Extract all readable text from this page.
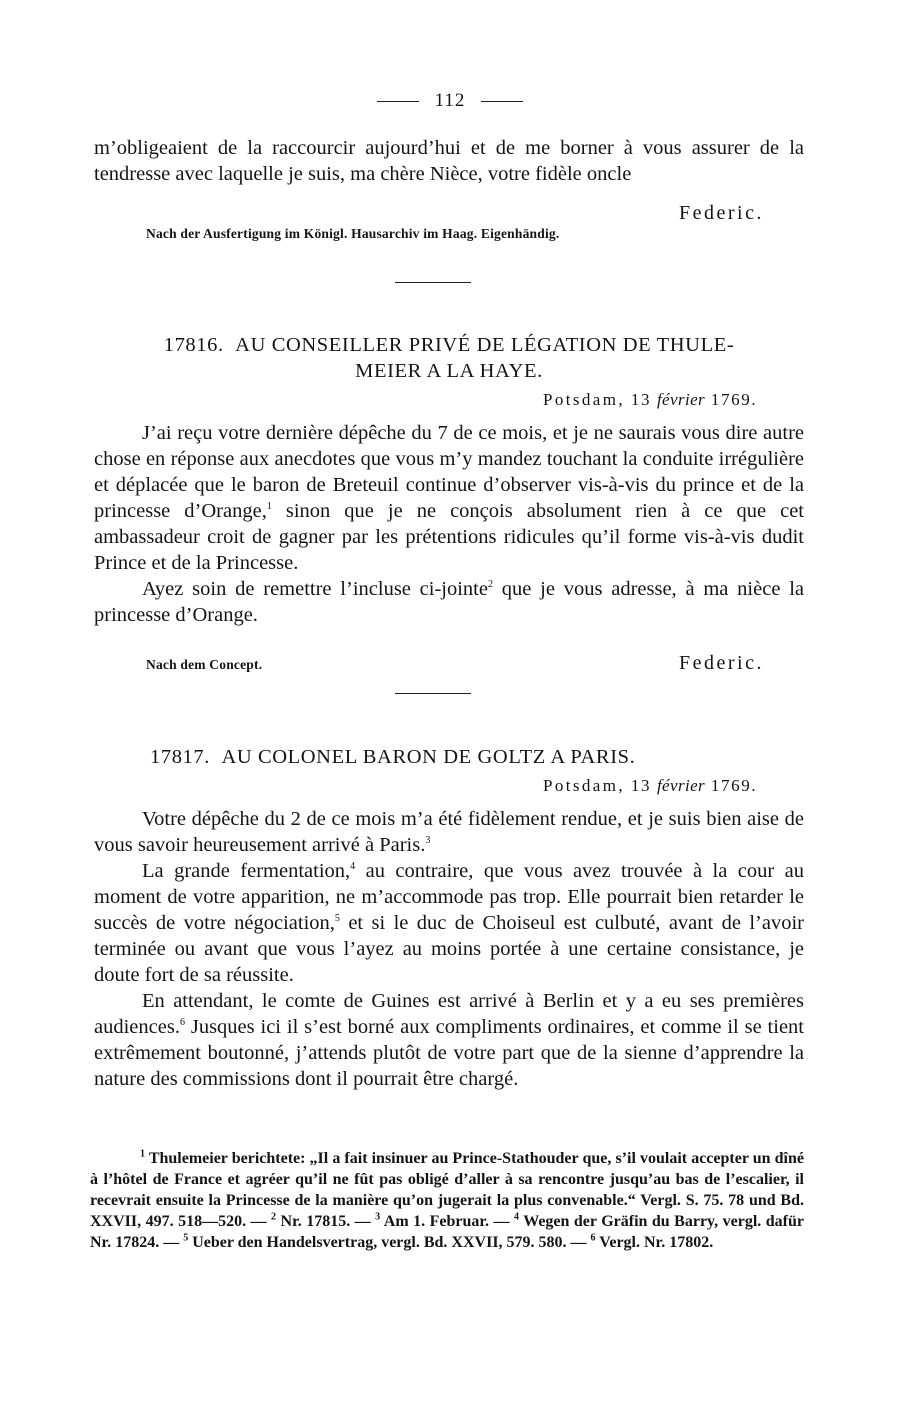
112

m’obligeaient de la raccourcir aujourd’hui et de me borner à vous assurer de la tendresse avec laquelle je suis, ma chère Nièce, votre fidèle oncle

Federic.
Nach der Ausfertigung im Königl. Hausarchiv im Haag. Eigenhändig.
17816. AU CONSEILLER PRIVÉ DE LÉGATION DE THULE-
MEIER A LA HAYE.
Potsdam, 13 février 1769.

J’ai reçu votre dernière dépêche du 7 de ce mois, et je ne saurais vous dire autre chose en réponse aux anecdotes que vous m’y mandez touchant la conduite irrégulière et déplacée que le baron de Breteuil continue d’observer vis-à-vis du prince et de la princesse d’Orange,$^1$ sinon que je ne conçois absolument rien à ce que cet ambassadeur croit de gagner par les prétentions ridicules qu’il forme vis-à-vis dudit Prince et de la Princesse.

Ayez soin de remettre l’incluse ci-jointe$^2$ que je vous adresse, à ma nièce la princesse d’Orange.

Nach dem Concept.	Federic.
17817. AU COLONEL BARON DE GOLTZ A PARIS.
Potsdam, 13 février 1769.

Votre dépêche du 2 de ce mois m’a été fidèlement rendue, et je suis bien aise de vous savoir heureusement arrivé à Paris.$^3$

La grande fermentation,$^4$ au contraire, que vous avez trouvée à la cour au moment de votre apparition, ne m’accommode pas trop. Elle pourrait bien retarder le succès de votre négociation,$^5$ et si le duc de Choiseul est culbuté, avant de l’avoir terminée ou avant que vous l’ayez au moins portée à une certaine consistance, je doute fort de sa réussite.

En attendant, le comte de Guines est arrivé à Berlin et y a eu ses premières audiences.$^6$ Jusques ici il s’est borné aux compliments ordinaires, et comme il se tient extrêmement boutonné, j’attends plutôt de votre part que de la sienne d’apprendre la nature des commissions dont il pourrait être chargé.

$^1$ Thulemeier berichtete: „Il a fait insinuer au Prince-Stathouder que, s’il voulait accepter un dîné à l’hôtel de France et agréer qu’il ne fût pas obligé d’aller à sa rencontre jusqu’au bas de l’escalier, il recevrait ensuite la Princesse de la manière qu’on jugerait la plus convenable.“ Vergl. S. 75. 78 und Bd. XXVII, 497. 518—520. — $^2$ Nr. 17815. — $^3$ Am 1. Februar. — $^4$ Wegen der Gräfin du Barry, vergl. dafür Nr. 17824. — $^5$ Ueber den Handelsvertrag, vergl. Bd. XXVII, 579. 580. — $^6$ Vergl. Nr. 17802.
